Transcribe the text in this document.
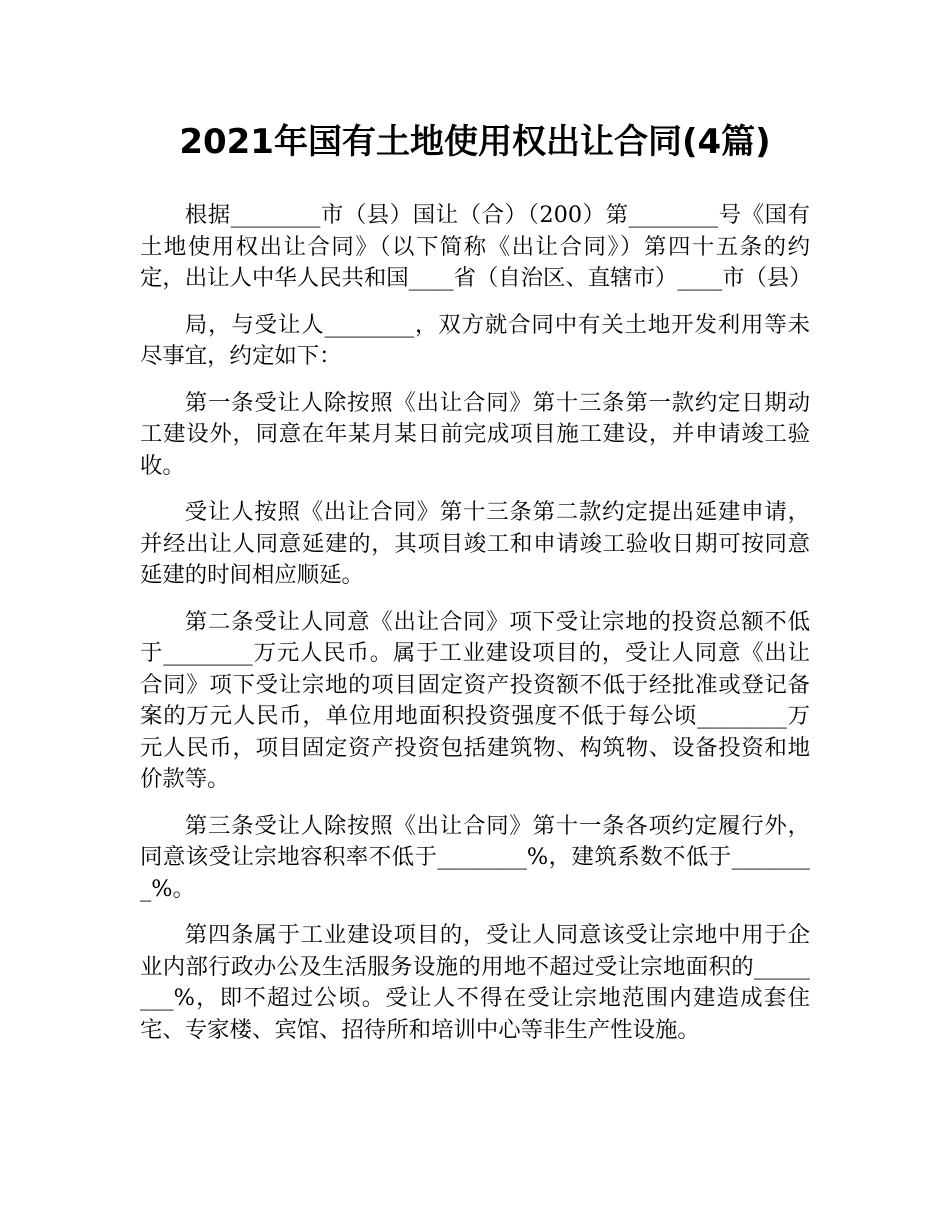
2021年国有土地使用权出让合同(4篇)

根据________市（县）国让（合）（200）第________号《国有土地使用权出让合同》（以下简称《出让合同》）第四十五条的约定，出让人中华人民共和国____省（自治区、直辖市）____市（县）

局，与受让人________，双方就合同中有关土地开发利用等未尽事宜，约定如下：

第一条受让人除按照《出让合同》第十三条第一款约定日期动工建设外，同意在年某月某日前完成项目施工建设，并申请竣工验收。

受让人按照《出让合同》第十三条第二款约定提出延建申请，并经出让人同意延建的，其项目竣工和申请竣工验收日期可按同意延建的时间相应顺延。

第二条受让人同意《出让合同》项下受让宗地的投资总额不低于________万元人民币。属于工业建设项目的，受让人同意《出让合同》项下受让宗地的项目固定资产投资额不低于经批准或登记备案的万元人民币，单位用地面积投资强度不低于每公顷________万元人民币，项目固定资产投资包括建筑物、构筑物、设备投资和地价款等。

第三条受让人除按照《出让合同》第十一条各项约定履行外，同意该受让宗地容积率不低于________%，建筑系数不低于________%。

第四条属于工业建设项目的，受让人同意该受让宗地中用于企业内部行政办公及生活服务设施的用地不超过受让宗地面积的________%，即不超过公顷。受让人不得在受让宗地范围内建造成套住宅、专家楼、宾馆、招待所和培训中心等非生产性设施。
